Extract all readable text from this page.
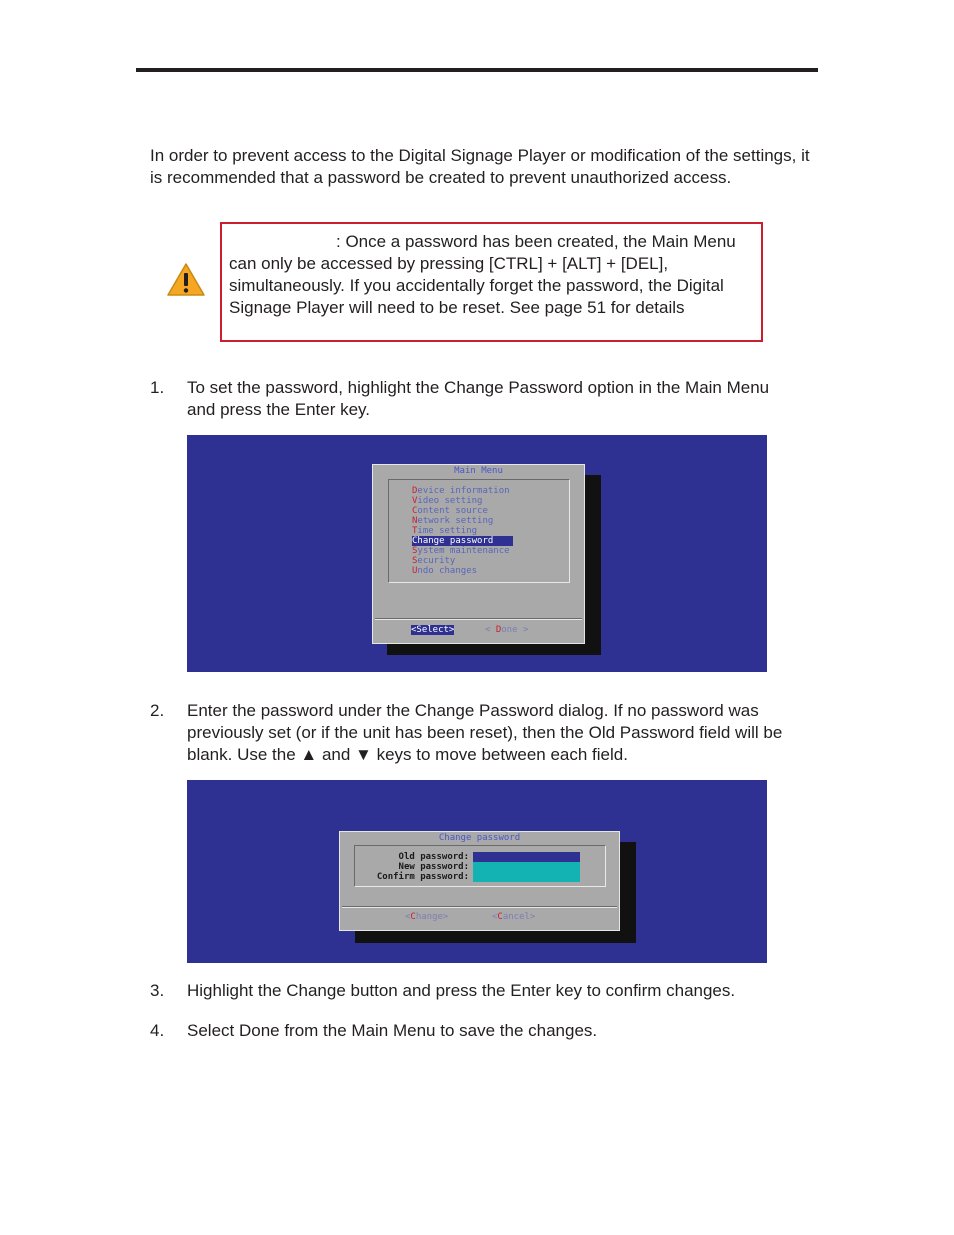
In order to prevent access to the Digital Signage Player or modification of the settings, it is recommended that a password be created to prevent unauthorized access.

: Once a password has been created, the Main Menu can only be accessed by pressing [CTRL] + [ALT] + [DEL], simultaneously. If you accidentally forget the password, the Digital Signage Player will need to be reset. See page 51 for details
1. To set the password, highlight the Change Password option in the Main Menu and press the Enter key.
Main Menu
Device information
Video setting
Content source
Network setting
Time setting
Change password
System maintenance
Security
Undo changes
<Select>	< Done >
2. Enter the password under the Change Password dialog. If no password was previously set (or if the unit has been reset), then the Old Password field will be blank. Use the ▲ and ▼ keys to move between each field.
Change password
Old password:
New password:
Confirm password:
<Change>	<Cancel>
3. Highlight the Change button and press the Enter key to confirm changes.
4. Select Done from the Main Menu to save the changes.
